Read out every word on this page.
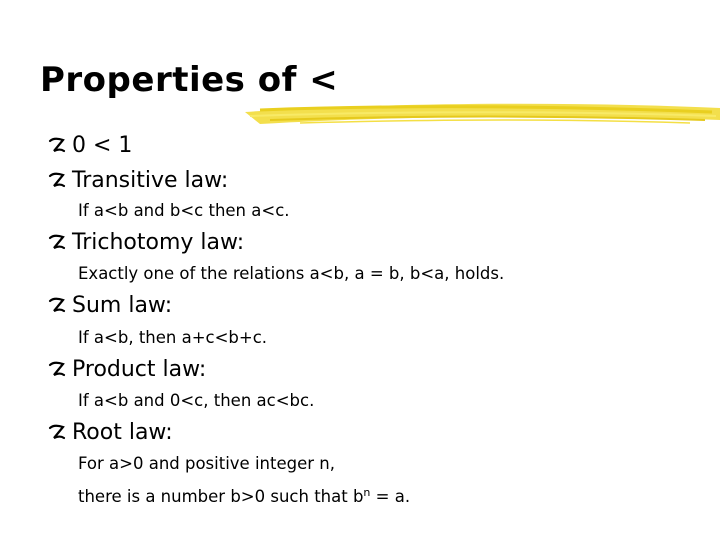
Properties of <
0 < 1
Transitive law:
If a<b and b<c then a<c.
Trichotomy law:
Exactly one of the relations a<b, a = b, b<a, holds.
Sum law:
If a<b, then a+c<b+c.
Product law:
If a<b and 0<c, then ac<bc.
Root law:
For a>0 and positive integer n,
there is a number b>0 such that $b^n = a$.
